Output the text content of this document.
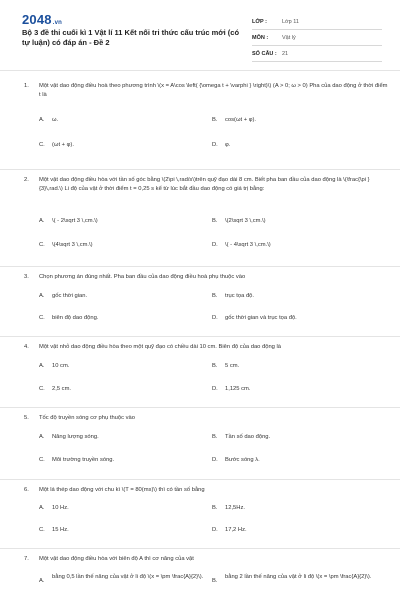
2048.vn
Bộ 3 đề thi cuối kì 1 Vật lí 11 Kết nối tri thức cấu trúc mới (có tự luận) có đáp án - Đề 2
LỚP :	Lớp 11
MÔN :	Vật lý
SỐ CÂU : 21
1.	Một vật dao động điều hoà theo phương trình \(x = A\cos \left( {\omega t + \varphi } \right)\) (A > 0; ω > 0) Pha của dao động ở thời điểm t là
A.	ω.	B.	cos(ωt + φ).
C.	(ωt + φ).	D.	φ.
2.	Một vật dao động điều hòa với tần số góc bằng \(2\pi \,rad/s\)trên quỹ đạo dài 8 cm. Biết pha ban đầu của dao động là \(\frac{\pi }{3}\,rad.\) Li độ của vật ở thời điểm t = 0,25 s kể từ lúc bắt đầu dao động có giá trị bằng:
A.	\( - 2\sqrt 3 \,cm.\)	B.	\(2\sqrt 3 \,cm.\)
C.	\(4\sqrt 3 \,cm.\)	D.	\( - 4\sqrt 3 \,cm.\)
3.	Chọn phương án đúng nhất. Pha ban đầu của dao động điều hoà phụ thuộc vào
A.	gốc thời gian.	B.	trục tọa độ.
C.	biên độ dao động.	D.	gốc thời gian và trục tọa độ.
4.	Một vật nhỏ dao động điều hòa theo một quỹ đạo có chiều dài 10 cm. Biên độ của dao động là
A.	10 cm.	B.	5 cm.
C.	2,5 cm.	D.	1,125 cm.
5.	Tốc độ truyền sóng cơ phụ thuộc vào
A.	Năng lượng sóng.	B.	Tần số dao động.
C.	Môi trường truyền sóng.	D.	Bước sóng λ.
6.	Một lá thép dao động với chu kì \(T = 80(ms)\) thì có tần số bằng
A.	10 Hz.	B.	12,5Hz.
C.	15 Hz.	D.	17,2 Hz.
7.	Một vật dao động điều hòa với biên độ A thì cơ năng của vật
A.
bằng 0,5 lần thế năng của vật ở li độ \(x = \pm \frac{A}{2}\).
B.
bằng 2 lần thế năng của vật ở li độ \(x = \pm \frac{A}{2}\).
